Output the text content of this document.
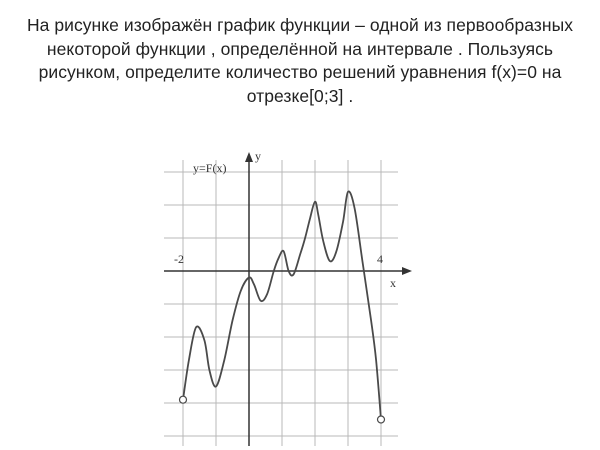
На рисунке изображён график функции – одной из первообразных некоторой функции , определённой на интервале . Пользуясь рисунком, определите количество решений уравнения f(x)=0 на отрезке[0;3] .
y=F(x)
y
x
-2	4
